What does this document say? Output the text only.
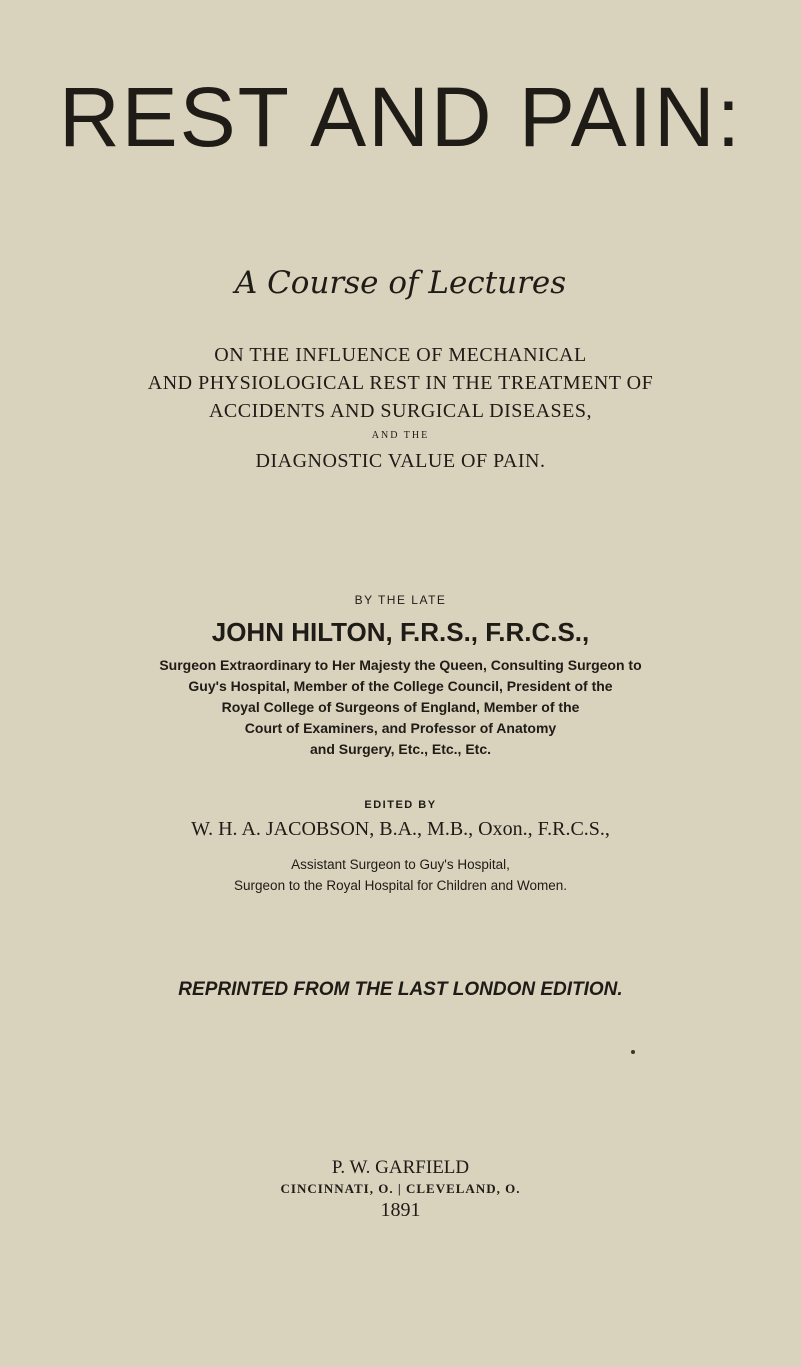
REST AND PAIN:
A Course of Lectures
ON THE INFLUENCE OF MECHANICAL
AND PHYSIOLOGICAL REST IN THE TREATMENT OF
ACCIDENTS AND SURGICAL DISEASES,
AND THE
DIAGNOSTIC VALUE OF PAIN.
BY THE LATE
JOHN HILTON, F.R.S., F.R.C.S.,
Surgeon Extraordinary to Her Majesty the Queen, Consulting Surgeon to
Guy's Hospital, Member of the College Council, President of the
Royal College of Surgeons of England, Member of the
Court of Examiners, and Professor of Anatomy
and Surgery, Etc., Etc., Etc.
EDITED BY
W. H. A. JACOBSON, B.A., M.B., Oxon., F.R.C.S.,
Assistant Surgeon to Guy's Hospital,
Surgeon to the Royal Hospital for Children and Women.
REPRINTED FROM THE LAST LONDON EDITION.
P. W. GARFIELD
CINCINNATI, O. | CLEVELAND, O.
1891
